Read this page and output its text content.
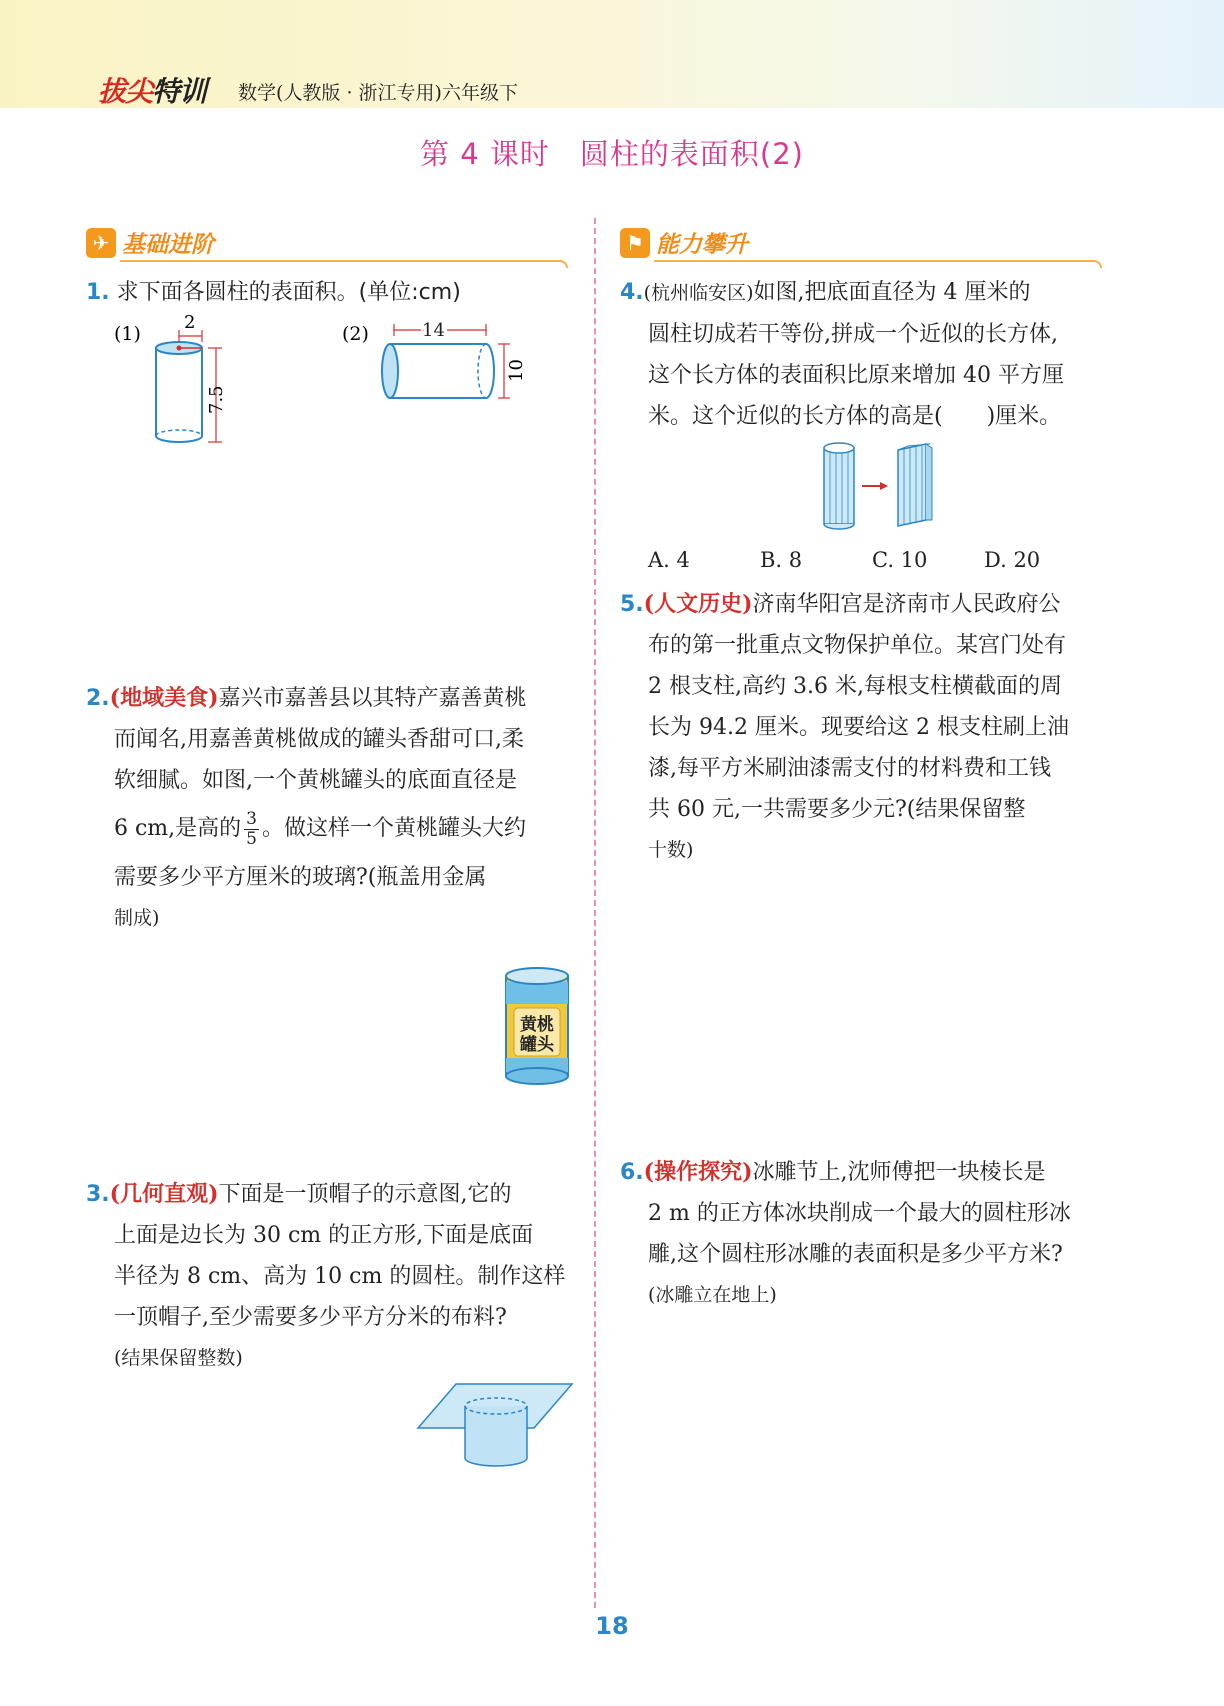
拔尖特训 数学(人教版 · 浙江专用)六年级下
第 4 课时　圆柱的表面积(2)
✈ 基础进阶	⚑ 能力攀升
1. 求下面各圆柱的表面积。(单位:cm)
(1)
2
7.5
(2)	14
10
2.(地域美食)嘉兴市嘉善县以其特产嘉善黄桃
而闻名,用嘉善黄桃做成的罐头香甜可口,柔
软细腻。如图,一个黄桃罐头的底面直径是
6 cm,是高的 $\frac{3}{5}$ 。做这样一个黄桃罐头大约
需要多少平方厘米的玻璃?(瓶盖用金属
制成)
黄桃
罐头
3.(几何直观)下面是一顶帽子的示意图,它的
上面是边长为 30 cm 的正方形,下面是底面
半径为 8 cm、高为 10 cm 的圆柱。制作这样
一顶帽子,至少需要多少平方分米的布料?
(结果保留整数)
4.(杭州临安区)如图,把底面直径为 4 厘米的
圆柱切成若干等份,拼成一个近似的长方体,
这个长方体的表面积比原来增加 40 平方厘
米。这个近似的长方体的高是(　　)厘米。
A. 4	B. 8	C. 10	D. 20
5.(人文历史)济南华阳宫是济南市人民政府公
布的第一批重点文物保护单位。某宫门处有
2 根支柱,高约 3.6 米,每根支柱横截面的周
长为 94.2 厘米。现要给这 2 根支柱刷上油
漆,每平方米刷油漆需支付的材料费和工钱
共 60 元,一共需要多少元?(结果保留整
十数)
6.(操作探究)冰雕节上,沈师傅把一块棱长是
2 m 的正方体冰块削成一个最大的圆柱形冰
雕,这个圆柱形冰雕的表面积是多少平方米?
(冰雕立在地上)
18
